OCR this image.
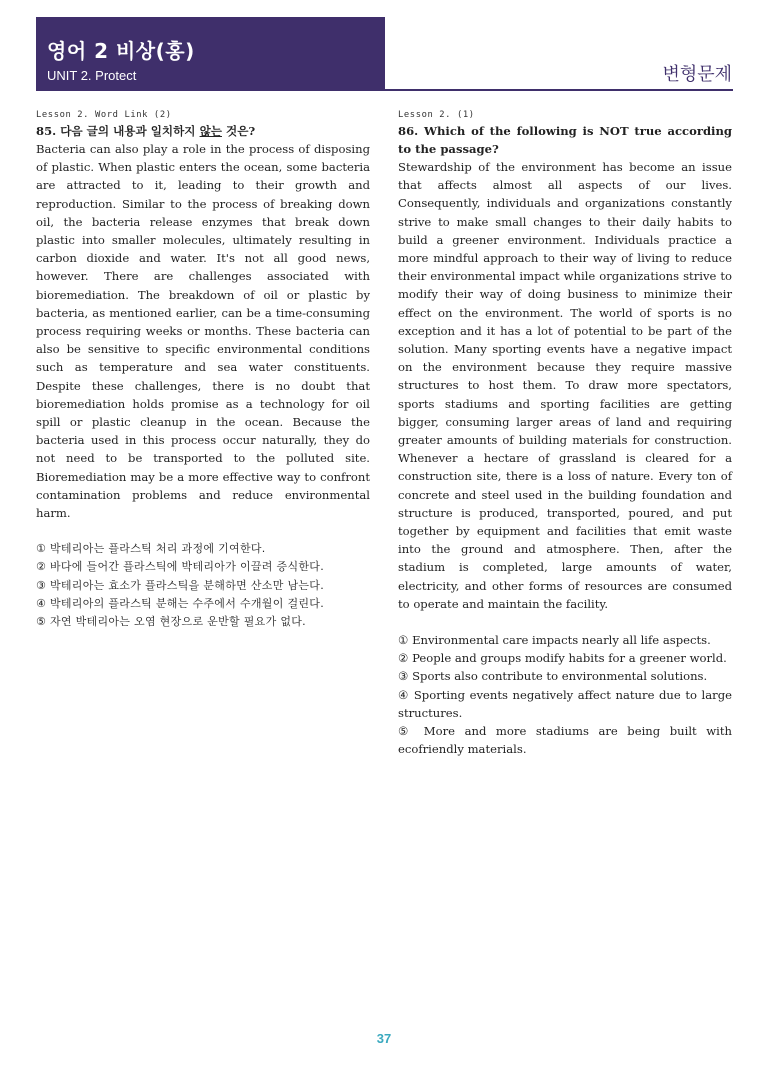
영어 2 비상(홍)
UNIT 2. Protect	변형문제
Lesson 2. Word Link (2)
85. 다음 글의 내용과 일치하지 않는 것은?

Bacteria can also play a role in the process of disposing of plastic. When plastic enters the ocean, some bacteria are attracted to it, leading to their growth and reproduction. Similar to the process of breaking down oil, the bacteria release enzymes that break down plastic into smaller molecules, ultimately resulting in carbon dioxide and water. It's not all good news, however. There are challenges associated with bioremediation. The breakdown of oil or plastic by bacteria, as mentioned earlier, can be a time-consuming process requiring weeks or months. These bacteria can also be sensitive to specific environmental conditions such as temperature and sea water constituents. Despite these challenges, there is no doubt that bioremediation holds promise as a technology for oil spill or plastic cleanup in the ocean. Because the bacteria used in this process occur naturally, they do not need to be transported to the polluted site. Bioremediation may be a more effective way to confront contamination problems and reduce environmental harm.

① 박테리아는 플라스틱 처리 과정에 기여한다.
② 바다에 들어간 플라스틱에 박테리아가 이끌려 증식한다.
③ 박테리아는 효소가 플라스틱을 분해하면 산소만 남는다.
④ 박테리아의 플라스틱 분해는 수주에서 수개월이 걸린다.
⑤ 자연 박테리아는 오염 현장으로 운반할 필요가 없다.
Lesson 2. (1)
86. Which of the following is NOT true according to the passage?

Stewardship of the environment has become an issue that affects almost all aspects of our lives. Consequently, individuals and organizations constantly strive to make small changes to their daily habits to build a greener environment. Individuals practice a more mindful approach to their way of living to reduce their environmental impact while organizations strive to modify their way of doing business to minimize their effect on the environment. The world of sports is no exception and it has a lot of potential to be part of the solution. Many sporting events have a negative impact on the environment because they require massive structures to host them. To draw more spectators, sports stadiums and sporting facilities are getting bigger, consuming larger areas of land and requiring greater amounts of building materials for construction. Whenever a hectare of grassland is cleared for a construction site, there is a loss of nature. Every ton of concrete and steel used in the building foundation and structure is produced, transported, poured, and put together by equipment and facilities that emit waste into the ground and atmosphere. Then, after the stadium is completed, large amounts of water, electricity, and other forms of resources are consumed to operate and maintain the facility.

① Environmental care impacts nearly all life aspects.
② People and groups modify habits for a greener world.
③ Sports also contribute to environmental solutions.
④ Sporting events negatively affect nature due to large structures.
⑤ More and more stadiums are being built with ecofriendly materials.
37
